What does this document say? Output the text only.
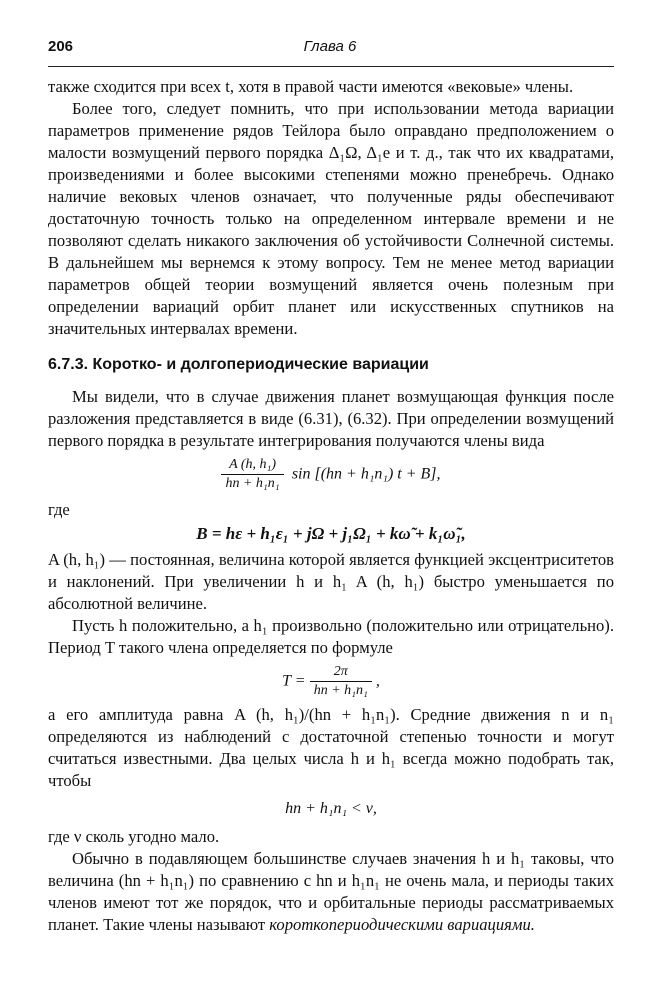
206	Глава 6

также сходится при всех t, хотя в правой части имеются «вековые» члены.

Более того, следует помнить, что при использовании метода вариации параметров применение рядов Тейлора было оправдано предположением о малости возмущений первого порядка Δ₁Ω, Δ₁e и т. д., так что их квадратами, произведениями и более высокими степенями можно пренебречь. Однако наличие вековых членов означает, что полученные ряды обеспечивают достаточную точность только на определенном интервале времени и не позволяют сделать никакого заключения об устойчивости Солнечной системы. В дальнейшем мы вернемся к этому вопросу. Тем не менее метод вариации параметров общей теории возмущений является очень полезным при определении вариаций орбит планет или искусственных спутников на значительных интервалах времени.

6.7.3. Коротко- и долгопериодические вариации

Мы видели, что в случае движения планет возмущающая функция после разложения представляется в виде (6.31), (6.32). При определении возмущений первого порядка в результате интегрирования получаются члены вида

$\frac{\text{A (h, h₁)}}{\text{hn + h₁n₁}}$ sin [(hn + h₁n₁) t + B],

где

B = hε + h₁ε₁ + jΩ + j₁Ω₁ + kω̃ + k₁ω̃₁,

A (h, h₁) — постоянная, величина которой является функцией эксцентриситетов и наклонений. При увеличении h и h₁ A (h, h₁) быстро уменьшается по абсолютной величине.

Пусть h положительно, а h₁ произвольно (положительно или отрицательно). Период T такого члена определяется по формуле

$T = \frac{2\pi}{\text{hn + h₁n₁}}$ ,

а его амплитуда равна A (h, h₁)/(hn + h₁n₁). Средние движения n и n₁ определяются из наблюдений с достаточной степенью точности и могут считаться известными. Два целых числа h и h₁ всегда можно подобрать так, чтобы

hn + h₁n₁ < ν,

где ν сколь угодно мало.

Обычно в подавляющем большинстве случаев значения h и h₁ таковы, что величина (hn + h₁n₁) по сравнению с hn и h₁n₁ не очень мала, и периоды таких членов имеют тот же порядок, что и орбитальные периоды рассматриваемых планет. Такие члены называют короткопериодическими вариациями.
